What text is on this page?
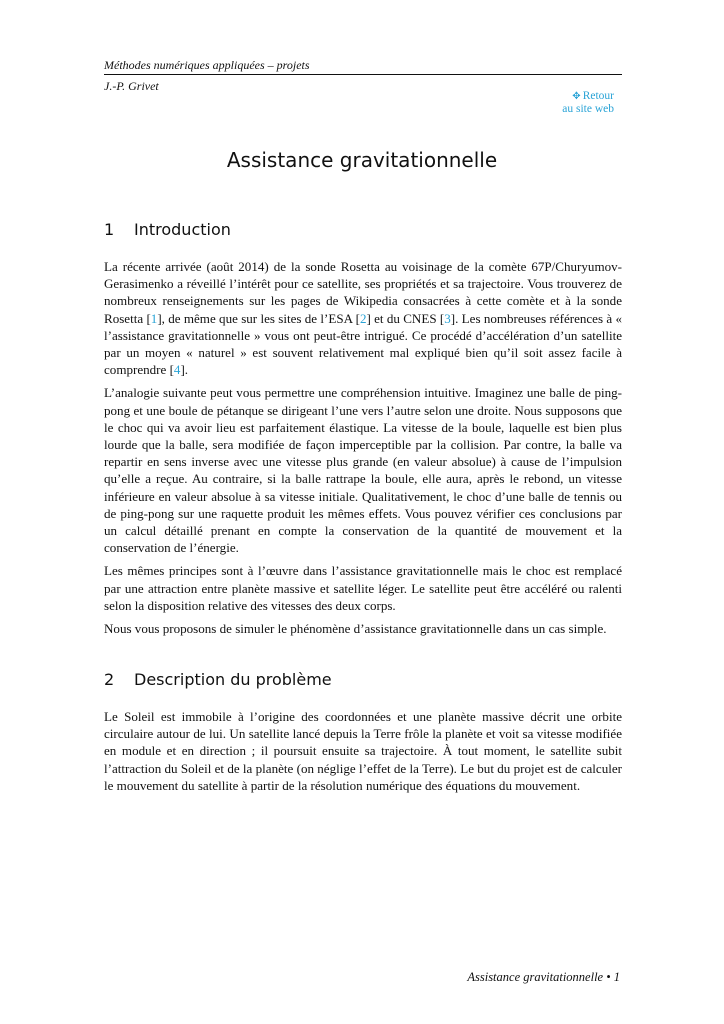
Méthodes numériques appliquées – projets
J.-P. Grivet
✥ Retour
au site web
Assistance gravitationnelle
1 Introduction

La récente arrivée (août 2014) de la sonde Rosetta au voisinage de la comète 67P/Churyumov-Gerasimenko a réveillé l’intérêt pour ce satellite, ses propriétés et sa trajectoire. Vous trouverez de nombreux renseignements sur les pages de Wikipedia consacrées à cette comète et à la sonde Rosetta [1], de même que sur les sites de l’ESA [2] et du CNES [3]. Les nombreuses références à « l’assistance gravitationnelle » vous ont peut-être intrigué. Ce procédé d’accélération d’un satellite par un moyen « naturel » est souvent relativement mal expliqué bien qu’il soit assez facile à comprendre [4].

L’analogie suivante peut vous permettre une compréhension intuitive. Imaginez une balle de ping-pong et une boule de pétanque se dirigeant l’une vers l’autre selon une droite. Nous supposons que le choc qui va avoir lieu est parfaitement élastique. La vitesse de la boule, laquelle est bien plus lourde que la balle, sera modifiée de façon imperceptible par la collision. Par contre, la balle va repartir en sens inverse avec une vitesse plus grande (en valeur absolue) à cause de l’impulsion qu’elle a reçue. Au contraire, si la balle rattrape la boule, elle aura, après le rebond, un vitesse inférieure en valeur absolue à sa vitesse initiale. Qualitativement, le choc d’une balle de tennis ou de ping-pong sur une raquette produit les mêmes effets. Vous pouvez vérifier ces conclusions par un calcul détaillé prenant en compte la conservation de la quantité de mouvement et la conservation de l’énergie.

Les mêmes principes sont à l’œuvre dans l’assistance gravitationnelle mais le choc est remplacé par une attraction entre planète massive et satellite léger. Le satellite peut être accéléré ou ralenti selon la disposition relative des vitesses des deux corps.

Nous vous proposons de simuler le phénomène d’assistance gravitationnelle dans un cas simple.

2 Description du problème

Le Soleil est immobile à l’origine des coordonnées et une planète massive décrit une orbite circulaire autour de lui. Un satellite lancé depuis la Terre frôle la planète et voit sa vitesse modifiée en module et en direction ; il poursuit ensuite sa trajectoire. À tout moment, le satellite subit l’attraction du Soleil et de la planète (on néglige l’effet de la Terre). Le but du projet est de calculer le mouvement du satellite à partir de la résolution numérique des équations du mouvement.

Assistance gravitationnelle • 1
